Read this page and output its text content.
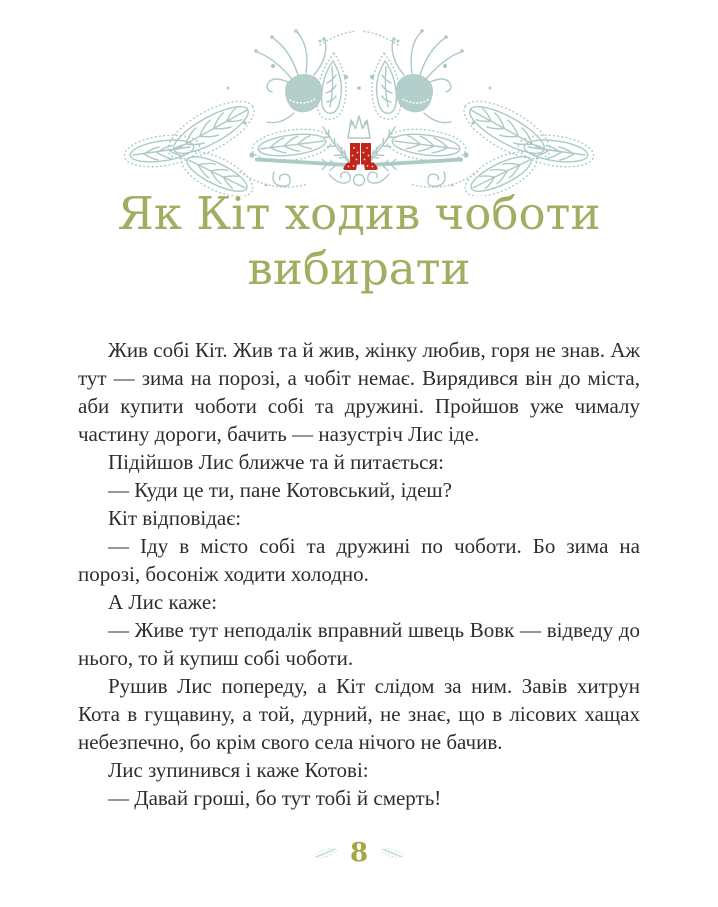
Як Кіт ходив чоботи
вибирати

Жив собі Кіт. Жив та й жив, жінку любив, горя не знав. Аж тут — зима на порозі, а чобіт немає. Вирядився він до міста, аби купити чоботи собі та дружині. Пройшов уже чималу частину дороги, бачить — назустріч Лис іде.

Підійшов Лис ближче та й питається:

— Куди це ти, пане Котовський, ідеш?

Кіт відповідає:

— Іду в місто собі та дружині по чоботи. Бо зима на порозі, босоніж ходити холодно.

А Лис каже:

— Живе тут неподалік вправний швець Вовк — відведу до нього, то й купиш собі чоботи.

Рушив Лис попереду, а Кіт слідом за ним. Завів хитрун Кота в гущавину, а той, дурний, не знає, що в лісових хащах небезпечно, бо крім свого села нічого не бачив.

Лис зупинився і каже Котові:

— Давай гроші, бо тут тобі й смерть!

8
